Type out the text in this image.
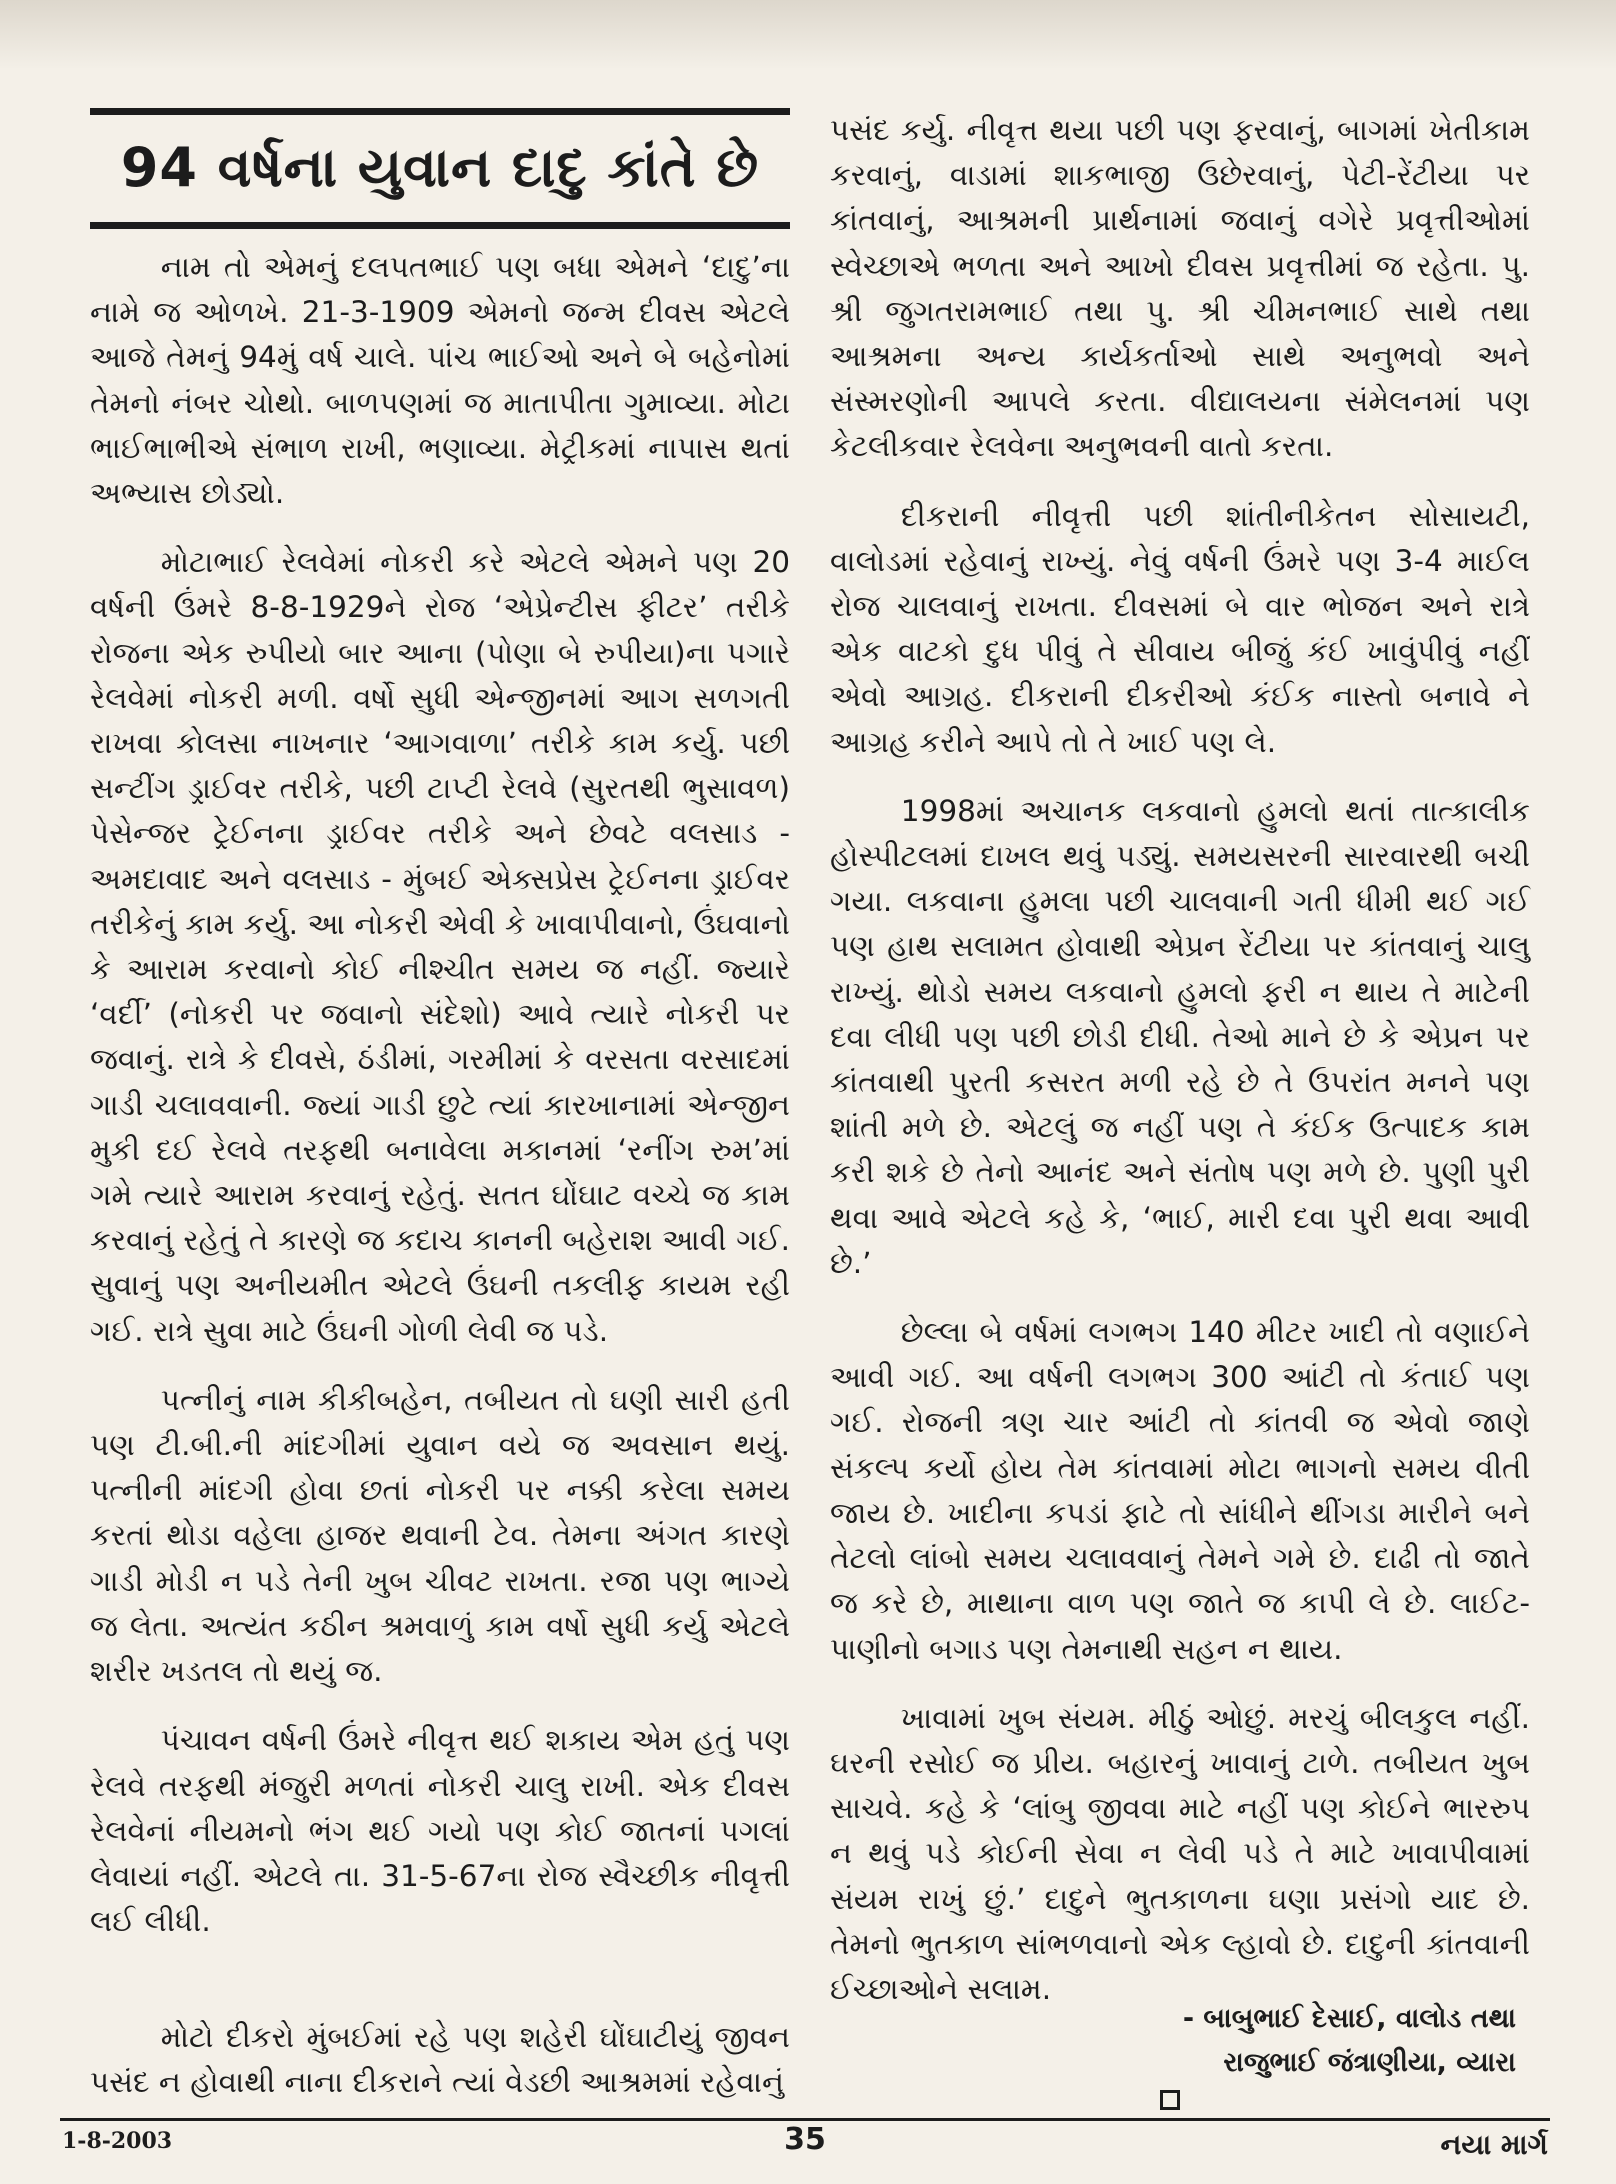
94 વર્ષના યુવાન દાદુ કાંતે છે

નામ તો એમનું દલપતભાઈ પણ બધા એમને ‘દાદુ’ના નામે જ ઓળખે. 21-3-1909 એમનો જન્મ દીવસ એટલે આજે તેમનું 94મું વર્ષ ચાલે. પાંચ ભાઈઓ અને બે બહેનોમાં તેમનો નંબર ચોથો. બાળપણમાં જ માતાપીતા ગુમાવ્યા. મોટા ભાઈભાભીએ સંભાળ રાખી, ભણાવ્યા. મેટ્રીકમાં નાપાસ થતાં અભ્યાસ છોડ્યો.

મોટાભાઈ રેલવેમાં નોકરી કરે એટલે એમને પણ 20 વર્ષની ઉંમરે 8-8-1929ને રોજ ‘એપ્રેન્ટીસ ફીટર’ તરીકે રોજના એક રુપીયો બાર આના (પોણા બે રુપીયા)ના પગારે રેલવેમાં નોકરી મળી. વર્ષો સુધી એન્જીનમાં આગ સળગતી રાખવા કોલસા નાખનાર ‘આગવાળા’ તરીકે કામ કર્યુ. પછી સન્ટીંગ ડ્રાઈવર તરીકે, પછી ટાપ્ટી રેલવે (સુરતથી ભુસાવળ) પેસેન્જર ટ્રેઈનના ડ્રાઈવર તરીકે અને છેવટે વલસાડ - અમદાવાદ અને વલસાડ - મુંબઈ એક્સપ્રેસ ટ્રેઈનના ડ્રાઈવર તરીકેનું કામ કર્યુ. આ નોકરી એવી કે ખાવાપીવાનો, ઉંઘવાનો કે આરામ કરવાનો કોઈ નીશ્ચીત સમય જ નહીં. જ્યારે ‘વર્દી’ (નોકરી પર જવાનો સંદેશો) આવે ત્યારે નોકરી પર જવાનું. રાત્રે કે દીવસે, ઠંડીમાં, ગરમીમાં કે વરસતા વરસાદમાં ગાડી ચલાવવાની. જ્યાં ગાડી છુટે ત્યાં કારખાનામાં એન્જીન મુકી દઈ રેલવે તરફથી બનાવેલા મકાનમાં ‘રનીંગ રુમ’માં ગમે ત્યારે આરામ કરવાનું રહેતું. સતત ઘોંઘાટ વચ્ચે જ કામ કરવાનું રહેતું તે કારણે જ કદાચ કાનની બહેરાશ આવી ગઈ. સુવાનું પણ અનીયમીત એટલે ઉંઘની તકલીફ કાયમ રહી ગઈ. રાત્રે સુવા માટે ઉંઘની ગોળી લેવી જ પડે.

પત્નીનું નામ કીકીબહેન, તબીયત તો ઘણી સારી હતી પણ ટી.બી.ની માંદગીમાં યુવાન વયે જ અવસાન થયું. પત્નીની માંદગી હોવા છતાં નોકરી પર નક્કી કરેલા સમય કરતાં થોડા વહેલા હાજર થવાની ટેવ. તેમના અંગત કારણે ગાડી મોડી ન પડે તેની ખુબ ચીવટ રાખતા. રજા પણ ભાગ્યે જ લેતા. અત્યંત કઠીન શ્રમવાળું કામ વર્ષો સુધી કર્યુ એટલે શરીર ખડતલ તો થયું જ.

પંચાવન વર્ષની ઉંમરે નીવૃત્ત થઈ શકાય એમ હતું પણ રેલવે તરફથી મંજુરી મળતાં નોકરી ચાલુ રાખી. એક દીવસ રેલવેનાં નીયમનો ભંગ થઈ ગયો પણ કોઈ જાતનાં પગલાં લેવાયાં નહીં. એટલે તા. 31-5-67ના રોજ સ્વૈચ્છીક નીવૃત્તી લઈ લીધી.

મોટો દીકરો મુંબઈમાં રહે પણ શહેરી ઘોંઘાટીયું જીવન પસંદ ન હોવાથી નાના દીકરાને ત્યાં વેડછી આશ્રમમાં રહેવાનું

પસંદ કર્યુ. નીવૃત્ત થયા પછી પણ ફરવાનું, બાગમાં ખેતીકામ કરવાનું, વાડામાં શાકભાજી ઉછેરવાનું, પેટી-રેંટીયા પર કાંતવાનું, આશ્રમની પ્રાર્થનામાં જવાનું વગેરે પ્રવૃત્તીઓમાં સ્વેચ્છાએ ભળતા અને આખો દીવસ પ્રવૃત્તીમાં જ રહેતા. પુ. શ્રી જુગતરામભાઈ તથા પુ. શ્રી ચીમનભાઈ સાથે તથા આશ્રમના અન્ય કાર્યકર્તાઓ સાથે અનુભવો અને સંસ્મરણોની આપલે કરતા. વીદ્યાલયના સંમેલનમાં પણ કેટલીકવાર રેલવેના અનુભવની વાતો કરતા.

દીકરાની નીવૃત્તી પછી શાંતીનીકેતન સોસાયટી, વાલોડમાં રહેવાનું રાખ્યું. નેવું વર્ષની ઉંમરે પણ 3-4 માઈલ રોજ ચાલવાનું રાખતા. દીવસમાં બે વાર ભોજન અને રાત્રે એક વાટકો દુધ પીવું તે સીવાય બીજું કંઈ ખાવુંપીવું નહીં એવો આગ્રહ. દીકરાની દીકરીઓ કંઈક નાસ્તો બનાવે ને આગ્રહ કરીને આપે તો તે ખાઈ પણ લે.

1998માં અચાનક લકવાનો હુમલો થતાં તાત્કાલીક હોસ્પીટલમાં દાખલ થવું પડ્યું. સમયસરની સારવારથી બચી ગયા. લકવાના હુમલા પછી ચાલવાની ગતી ધીમી થઈ ગઈ પણ હાથ સલામત હોવાથી એપ્રન રેંટીયા પર કાંતવાનું ચાલુ રાખ્યું. થોડો સમય લકવાનો હુમલો ફરી ન થાય તે માટેની દવા લીધી પણ પછી છોડી દીધી. તેઓ માને છે કે એપ્રન પર કાંતવાથી પુરતી કસરત મળી રહે છે તે ઉપરાંત મનને પણ શાંતી મળે છે. એટલું જ નહીં પણ તે કંઈક ઉત્પાદક કામ કરી શકે છે તેનો આનંદ અને સંતોષ પણ મળે છે. પુણી પુરી થવા આવે એટલે કહે કે, ‘ભાઈ, મારી દવા પુરી થવા આવી છે.’

છેલ્લા બે વર્ષમાં લગભગ 140 મીટર ખાદી તો વણાઈને આવી ગઈ. આ વર્ષની લગભગ 300 આંટી તો કંતાઈ પણ ગઈ. રોજની ત્રણ ચાર આંટી તો કાંતવી જ એવો જાણે સંકલ્પ કર્યો હોય તેમ કાંતવામાં મોટા ભાગનો સમય વીતી જાય છે. ખાદીના કપડાં ફાટે તો સાંધીને થીંગડા મારીને બને તેટલો લાંબો સમય ચલાવવાનું તેમને ગમે છે. દાઢી તો જાતે જ કરે છે, માથાના વાળ પણ જાતે જ કાપી લે છે. લાઈટ-પાણીનો બગાડ પણ તેમનાથી સહન ન થાય.

ખાવામાં ખુબ સંયમ. મીઠું ઓછું. મરચું બીલકુલ નહીં. ઘરની રસોઈ જ પ્રીય. બહારનું ખાવાનું ટાળે. તબીયત ખુબ સાચવે. કહે કે ‘લાંબુ જીવવા માટે નહીં પણ કોઈને ભારરુપ ન થવું પડે કોઈની સેવા ન લેવી પડે તે માટે ખાવાપીવામાં સંયમ રાખું છું.’ દાદુને ભુતકાળના ઘણા પ્રસંગો યાદ છે. તેમનો ભુતકાળ સાંભળવાનો એક લ્હાવો છે. દાદુની કાંતવાની ઈચ્છાઓને સલામ.

- બાબુભાઈ દેસાઈ, વાલોડ તથા
રાજુભાઈ જંત્રાણીયા, વ્યારા
1-8-2003	35	નયા માર્ગ
